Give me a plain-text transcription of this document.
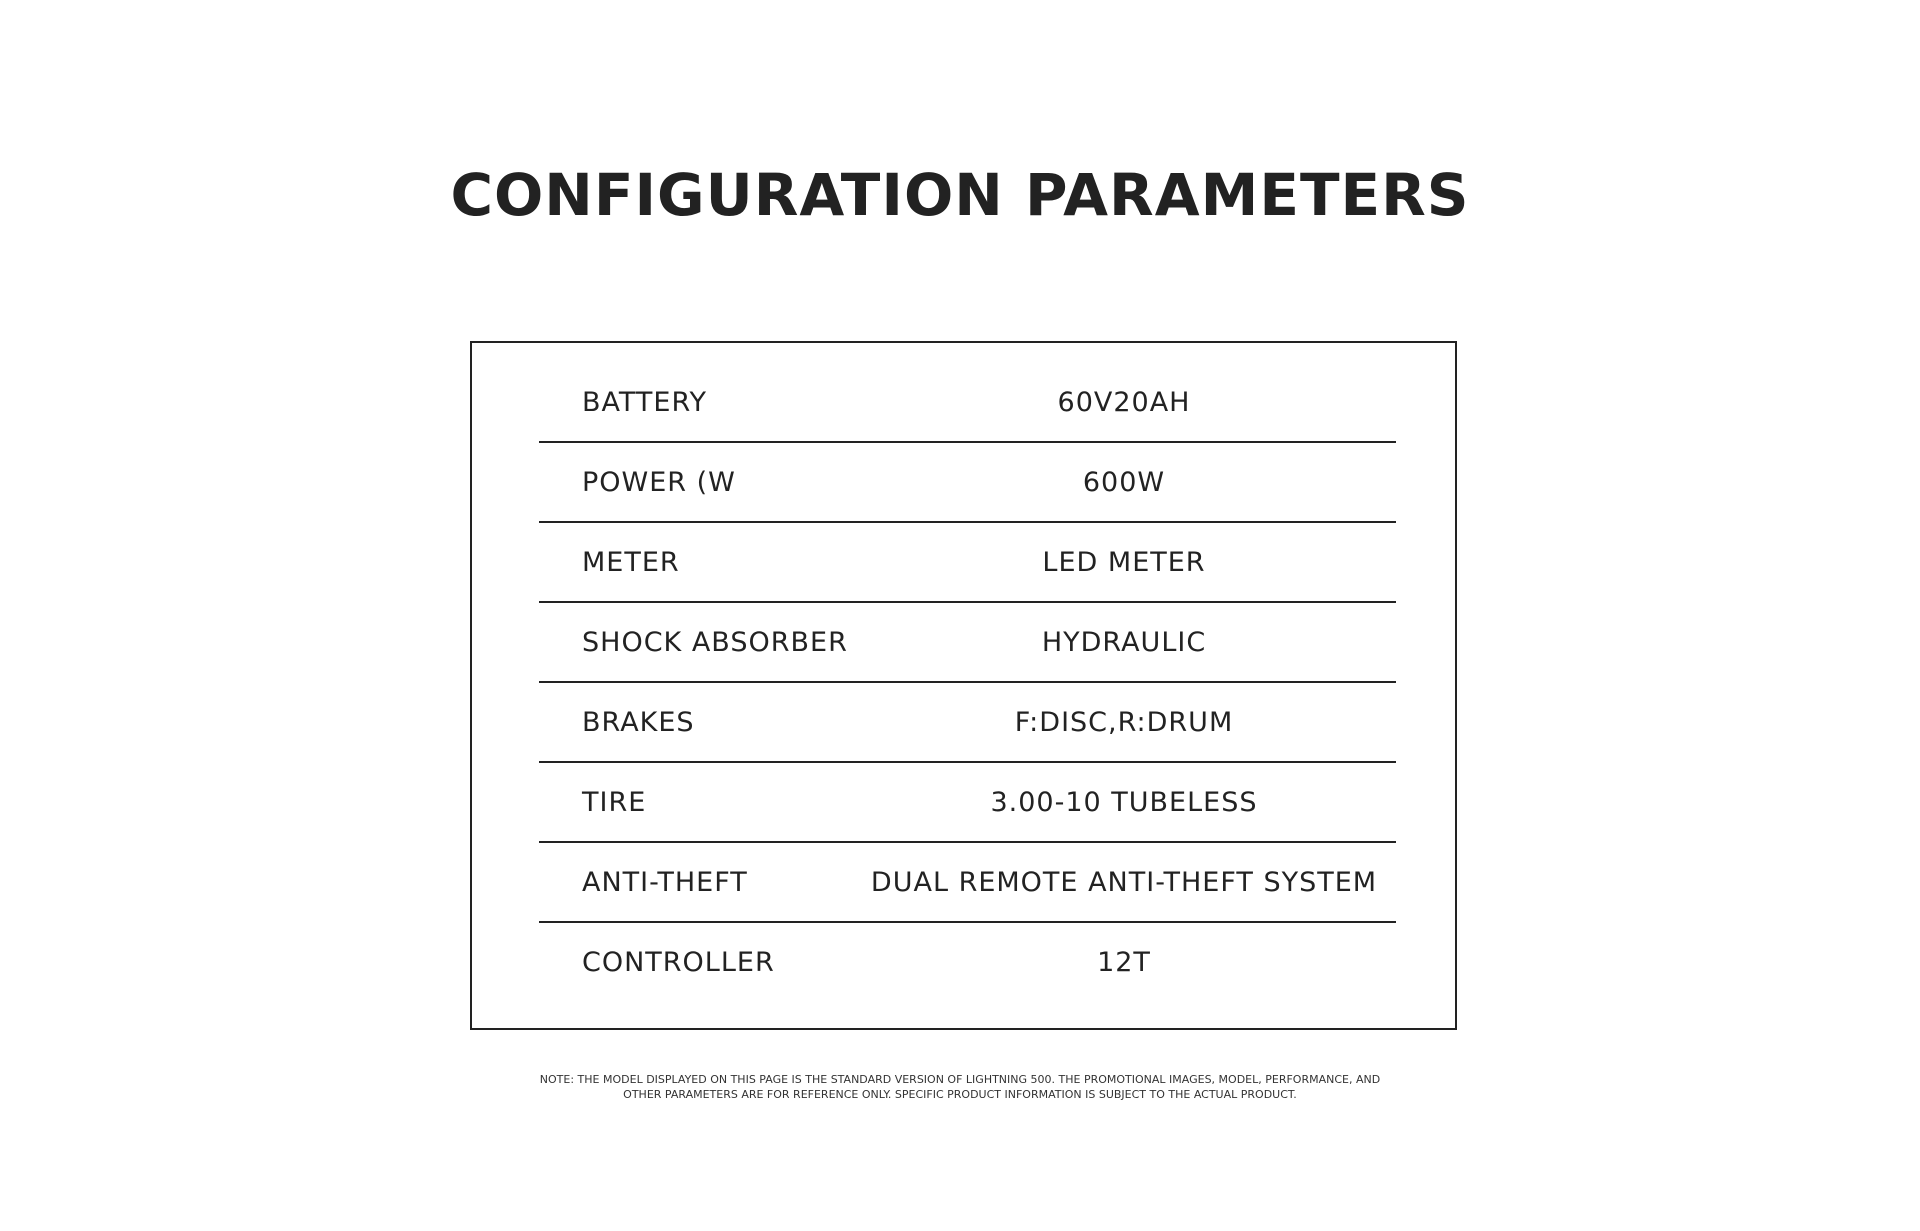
CONFIGURATION PARAMETERS
BATTERY	60V20AH
POWER (W	600W
METER	LED METER
SHOCK ABSORBER	HYDRAULIC
BRAKES	F:DISC,R:DRUM
TIRE	3.00-10 TUBELESS
ANTI-THEFT	DUAL REMOTE ANTI-THEFT SYSTEM
CONTROLLER	12T
NOTE: THE MODEL DISPLAYED ON THIS PAGE IS THE STANDARD VERSION OF LIGHTNING 500. THE PROMOTIONAL IMAGES, MODEL, PERFORMANCE, AND
OTHER PARAMETERS ARE FOR REFERENCE ONLY. SPECIFIC PRODUCT INFORMATION IS SUBJECT TO THE ACTUAL PRODUCT.
